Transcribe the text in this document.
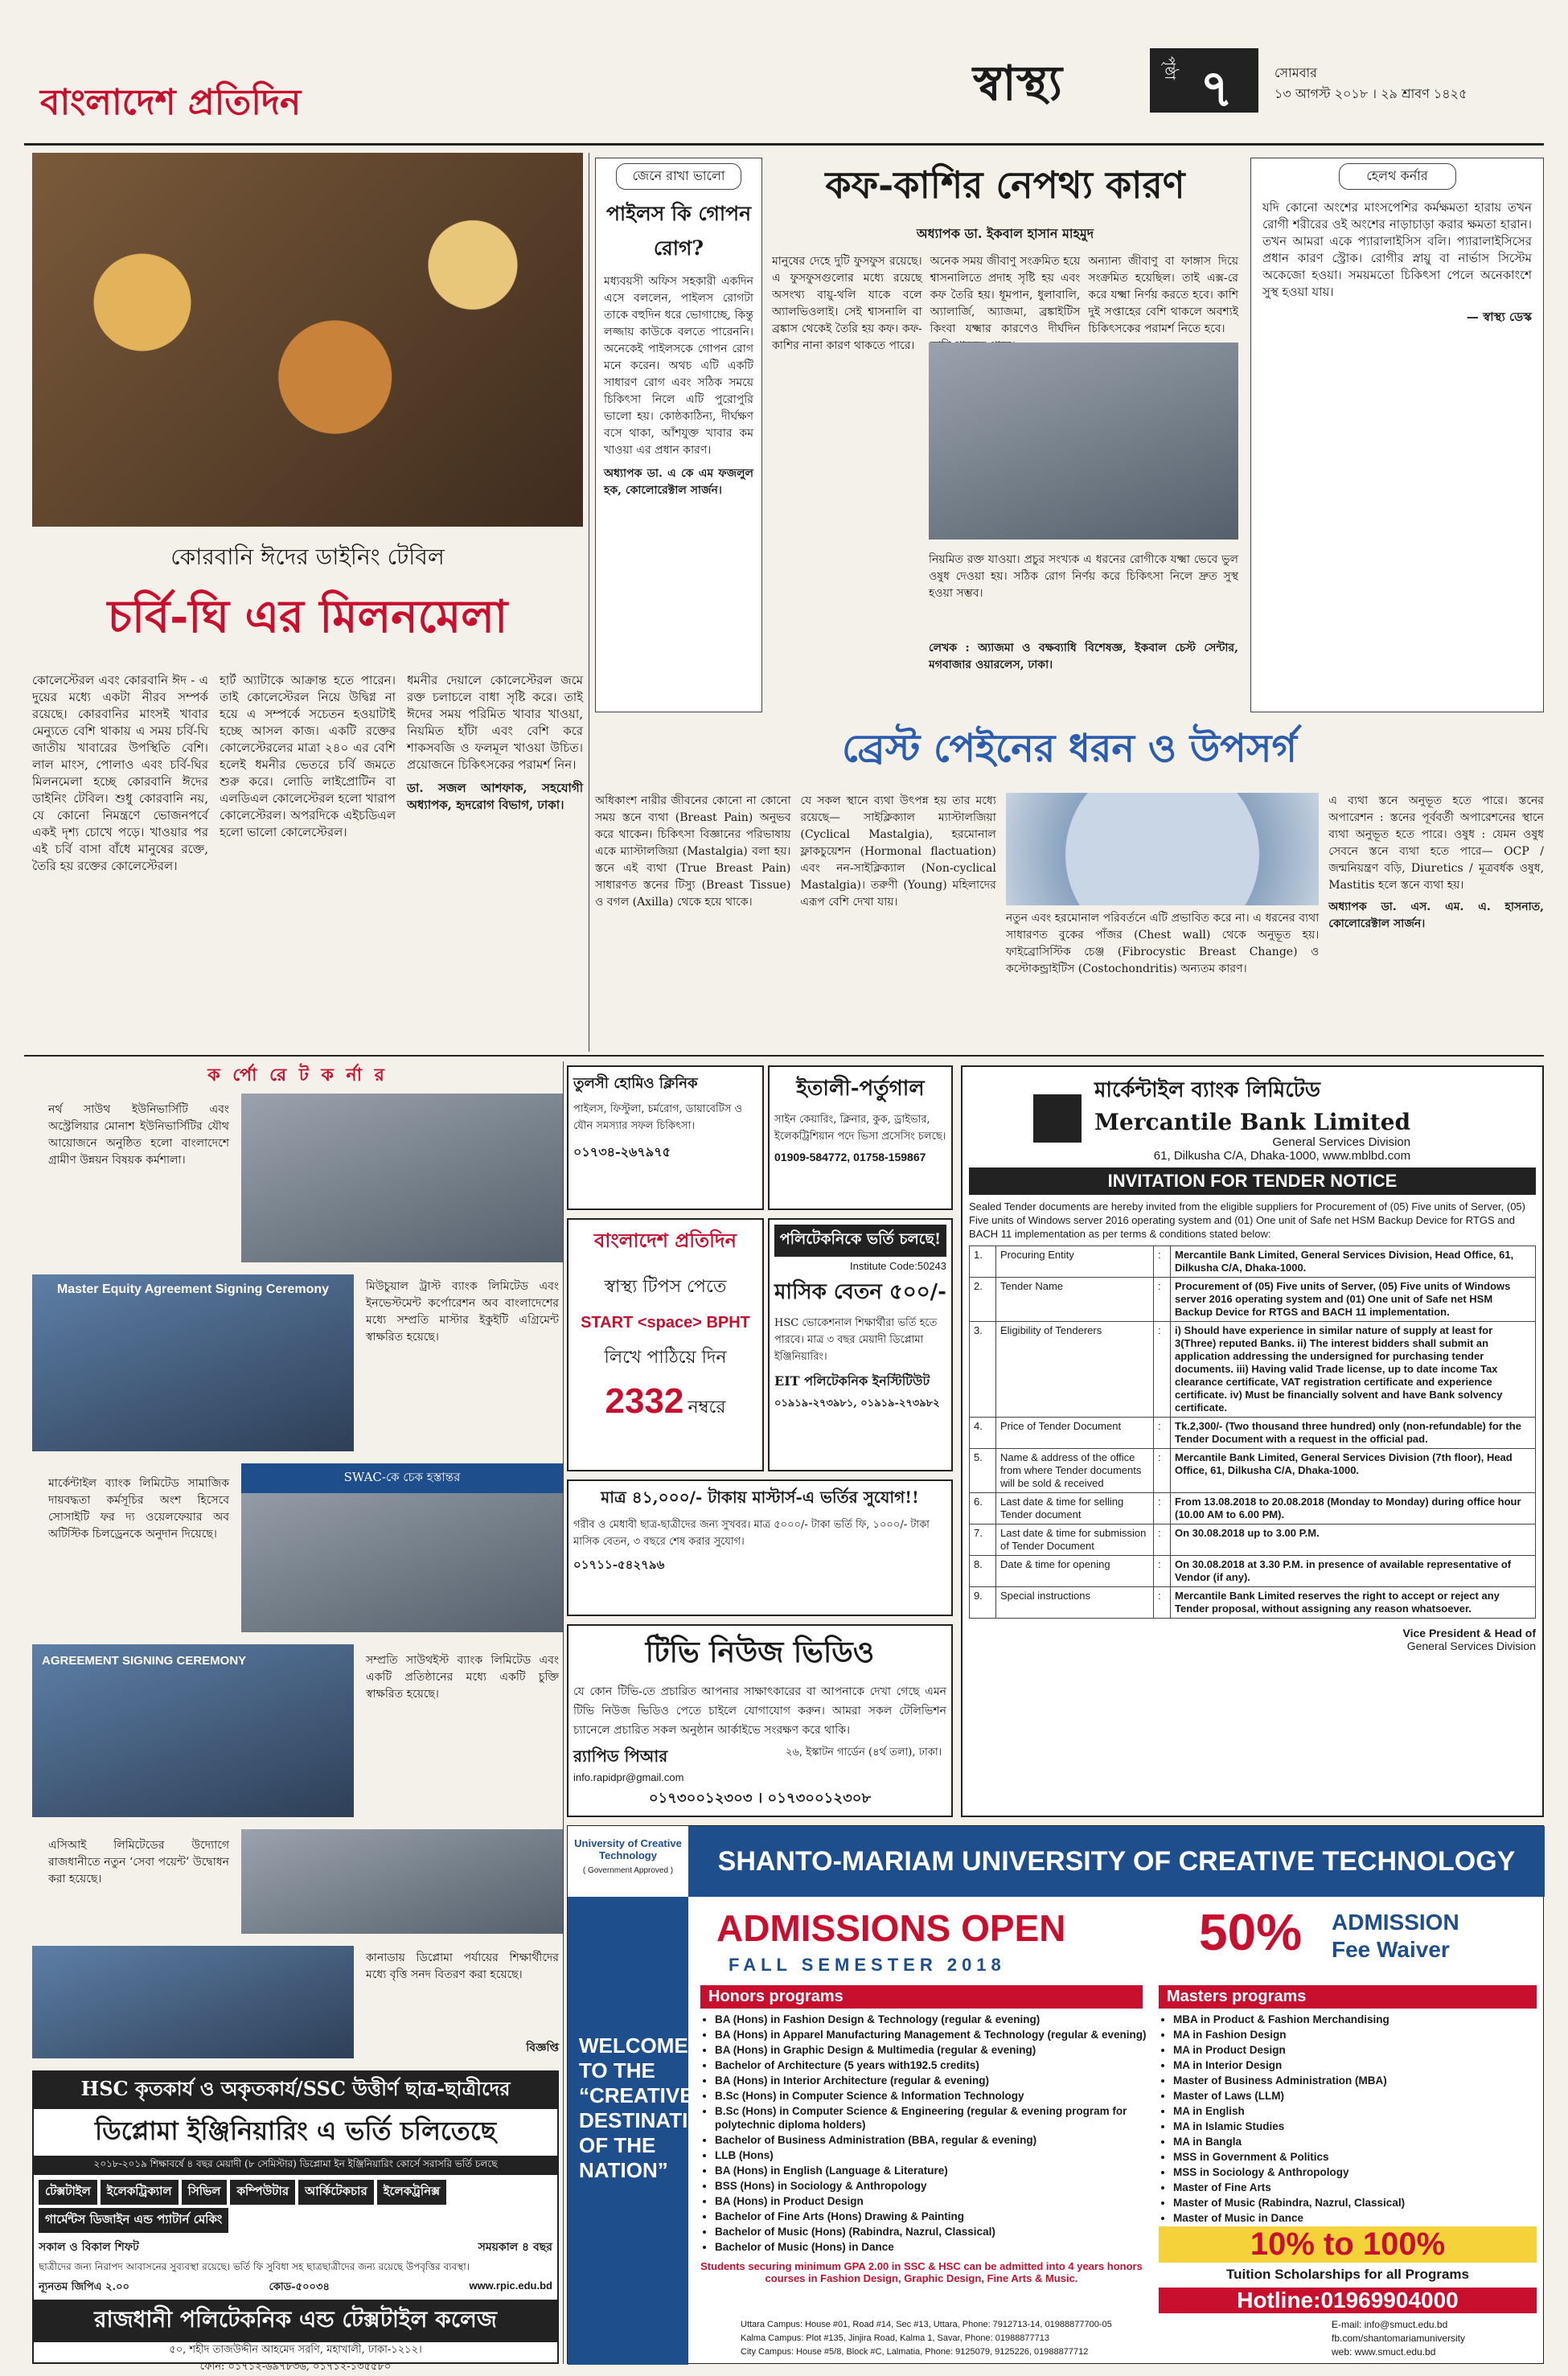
বাংলাদেশ প্রতিদিন	স্বাস্থ্য	পৃষ্ঠা ৭	সোমবার
১৩ আগস্ট ২০১৮ । ২৯ শ্রাবণ ১৪২৫
কোরবানি ঈদের ডাইনিং টেবিল
চর্বি-ঘি এর মিলনমেলা
কোলেস্টেরল এবং কোরবানি ঈদ - এ দুয়ের মধ্যে একটা নীরব সম্পর্ক রয়েছে। কোরবানির মাংসই খাবার মেন্যুতে বেশি থাকায় এ সময় চর্বি-ঘি জাতীয় খাবারের উপস্থিতি বেশি। লাল মাংস, পোলাও এবং চর্বি-ঘির মিলনমেলা হচ্ছে কোরবানি ঈদের ডাইনিং টেবিল। শুধু কোরবানি নয়, যে কোনো নিমন্ত্রণে ভোজনপর্বে একই দৃশ্য চোখে পড়ে। খাওয়ার পর এই চর্বি বাসা বাঁধে মানুষের রক্তে, তৈরি হয় রক্তের কোলেস্টেরল।
হার্ট অ্যাটাকে আক্রান্ত হতে পারেন। তাই কোলেস্টেরল নিয়ে উদ্বিগ্ন না হয়ে এ সম্পর্কে সচেতন হওয়াটাই হচ্ছে আসল কাজ। একটি রক্তের কোলেস্টেরলের মাত্রা ২৪০ এর বেশি হলেই ধমনীর ভেতরে চর্বি জমতে শুরু করে। লোডি লাইপ্রোটিন বা এলডিএল কোলেস্টেরল হলো খারাপ কোলেস্টেরল। অপরদিকে এইচডিএল হলো ভালো কোলেস্টেরল।
ধমনীর দেয়ালে কোলেস্টেরল জমে রক্ত চলাচলে বাধা সৃষ্টি করে। তাই ঈদের সময় পরিমিত খাবার খাওয়া, নিয়মিত হাঁটা এবং বেশি করে শাকসবজি ও ফলমূল খাওয়া উচিত। প্রয়োজনে চিকিৎসকের পরামর্শ নিন।
ডা. সজল আশফাক, সহযোগী অধ্যাপক, হৃদরোগ বিভাগ, ঢাকা।
জেনে রাখা ভালো
পাইলস কি গোপন রোগ?
মধ্যবয়সী অফিস সহকারী একদিন এসে বললেন, পাইলস রোগটা তাকে বহুদিন ধরে ভোগাচ্ছে, কিন্তু লজ্জায় কাউকে বলতে পারেননি। অনেকেই পাইলসকে গোপন রোগ মনে করেন। অথচ এটি একটি সাধারণ রোগ এবং সঠিক সময়ে চিকিৎসা নিলে এটি পুরোপুরি ভালো হয়। কোষ্ঠকাঠিন্য, দীর্ঘক্ষণ বসে থাকা, আঁশযুক্ত খাবার কম খাওয়া এর প্রধান কারণ।
অধ্যাপক ডা. এ কে এম ফজলুল হক, কোলোরেক্টাল সার্জন।
কফ-কাশির নেপথ্য কারণ
অধ্যাপক ডা. ইকবাল হাসান মাহমুদ
মানুষের দেহে দুটি ফুসফুস রয়েছে। এ ফুসফুসগুলোর মধ্যে রয়েছে অসংখ্য বায়ু-থলি যাকে বলে অ্যালভিওলাই। সেই শ্বাসনালি বা ব্রঙ্কাস থেকেই তৈরি হয় কফ। কফ-কাশির নানা কারণ থাকতে পারে।
অনেক সময় জীবাণু সংক্রমিত হয়ে শ্বাসনালিতে প্রদাহ সৃষ্টি হয় এবং কফ তৈরি হয়। ধূমপান, ধুলাবালি, অ্যালার্জি, অ্যাজমা, ব্রঙ্কাইটিস কিংবা যক্ষ্মার কারণেও দীর্ঘদিন
অন্যান্য জীবাণু বা ফাঙ্গাস দিয়ে সংক্রমিত হয়েছিল। তাই এক্স-রে করে যক্ষ্মা নির্ণয় করতে হবে। কাশি দুই সপ্তাহের বেশি থাকলে অবশ্যই চিকিৎসকের পরামর্শ নিতে হবে।
নিয়মিত রক্ত যাওয়া। প্রচুর সংখ্যক এ ধরনের রোগীকে যক্ষ্মা ভেবে ভুল ওষুধ দেওয়া হয়। সঠিক রোগ নির্ণয় করে চিকিৎসা নিলে দ্রুত সুস্থ হওয়া সম্ভব।
লেখক : অ্যাজমা ও বক্ষব্যাধি বিশেষজ্ঞ, ইকবাল চেস্ট সেন্টার, মগবাজার ওয়ারলেস, ঢাকা।
হেলথ কর্নার
যদি কোনো অংশের মাংসপেশির কর্মক্ষমতা হারায় তখন রোগী শরীরের ওই অংশের নাড়াচাড়া করার ক্ষমতা হারান। তখন আমরা একে প্যারালাইসিস বলি। প্যারালাইসিসের প্রধান কারণ স্ট্রোক। রোগীর স্নায়ু বা নার্ভাস সিস্টেম অকেজো হওয়া। সময়মতো চিকিৎসা পেলে অনেকাংশে সুস্থ হওয়া যায়।
— স্বাস্থ্য ডেস্ক
ব্রেস্ট পেইনের ধরন ও উপসর্গ
অধিকাংশ নারীর জীবনের কোনো না কোনো সময় স্তনে ব্যথা (Breast Pain) অনুভব করে থাকেন। চিকিৎসা বিজ্ঞানের পরিভাষায় একে ম্যাস্টালজিয়া (Mastalgia) বলা হয়। স্তনে এই ব্যথা (True Breast Pain) সাধারণত স্তনের টিস্যু (Breast Tissue) ও বগল (Axilla) থেকে হয়ে থাকে।
যে সকল স্থানে ব্যথা উৎপন্ন হয় তার মধ্যে রয়েছে— সাইক্লিক্যাল ম্যাস্টালজিয়া (Cyclical Mastalgia), হরমোনাল ফ্লাকচুয়েশন (Hormonal flactuation) এবং নন-সাইক্লিক্যাল (Non-cyclical Mastalgia)। তরুণী (Young) মহিলাদের এরূপ বেশি দেখা যায়।
নতুন এবং হরমোনাল পরিবর্তনে এটি প্রভাবিত করে না। এ ধরনের ব্যথা সাধারণত বুকের পাঁজর (Chest wall) থেকে অনুভূত হয়। ফাইব্রোসিস্টিক চেঞ্জ (Fibrocystic Breast Change) ও কস্টোকন্ড্রাইটিস (Costochondritis) অন্যতম কারণ।
এ ব্যথা স্তনে অনুভূত হতে পারে। স্তনের অপারেশন : স্তনের পূর্ববর্তী অপারেশনের স্থানে ব্যথা অনুভূত হতে পারে। ওষুধ : যেমন ওষুধ সেবনে স্তনে ব্যথা হতে পারে— OCP / জন্মনিয়ন্ত্রণ বড়ি, Diuretics / মূত্রবর্ধক ওষুধ, Mastitis হলে স্তনে ব্যথা হয়।
অধ্যাপক ডা. এস. এম. এ. হাসনাত, কোলোরেক্টাল সার্জন।
ক র্পো রে ট ক র্না র
নর্থ সাউথ ইউনিভার্সিটি এবং অস্ট্রেলিয়ার মোনাশ ইউনিভার্সিটির যৌথ আয়োজনে অনুষ্ঠিত হলো বাংলাদেশে গ্রামীণ উন্নয়ন বিষয়ক কর্মশালা।
Master Equity Agreement Signing Ceremony	মিউচুয়াল ট্রাস্ট ব্যাংক লিমিটেড এবং ইনভেস্টমেন্ট কর্পোরেশন অব বাংলাদেশের মধ্যে সম্প্রতি মাস্টার ইকুইটি এগ্রিমেন্ট স্বাক্ষরিত হয়েছে।
SWAC-কে চেক হস্তান্তর
মার্কেন্টাইল ব্যাংক লিমিটেড সামাজিক দায়বদ্ধতা কর্মসূচির অংশ হিসেবে সোসাইটি ফর দ্য ওয়েলফেয়ার অব অটিস্টিক চিলড্রেনকে অনুদান দিয়েছে।
AGREEMENT SIGNING CEREMONY	সম্প্রতি সাউথইস্ট ব্যাংক লিমিটেড এবং একটি প্রতিষ্ঠানের মধ্যে একটি চুক্তি স্বাক্ষরিত হয়েছে।
এসিআই লিমিটেডের উদ্যোগে রাজধানীতে নতুন ‘সেবা পয়েন্ট’ উদ্বোধন করা হয়েছে।
কানাডায় ডিপ্লোমা পর্যায়ের শিক্ষার্থীদের মধ্যে বৃত্তি সনদ বিতরণ করা হয়েছে।
বিজ্ঞপ্তি
তুলসী হোমিও ক্লিনিক
পাইলস, ফিস্টুলা, চর্মরোগ, ডায়াবেটিস ও যৌন সমস্যার সফল চিকিৎসা।
০১৭৩৪-২৬৭৯৭৫
ইতালী-পর্তুগাল
সাইন কেয়ারিং, ক্লিনার, কুক, ড্রাইভার, ইলেকট্রিশিয়ান পদে ভিসা প্রসেসিং চলছে।
01909-584772, 01758-159867
বাংলাদেশ প্রতিদিন
স্বাস্থ্য টিপস পেতে
START <space> BPHT
লিখে পাঠিয়ে দিন
2332 নম্বরে
পলিটেকনিকে ভর্তি চলছে!
Institute Code:50243
মাসিক বেতন ৫০০/-
HSC ভোকেশনাল শিক্ষার্থীরা ভর্তি হতে পারবে। মাত্র ৩ বছর মেয়াদী ডিপ্লোমা ইঞ্জিনিয়ারিং।
EIT পলিটেকনিক ইনস্টিটিউট
০১৯১৯-২৭৩৯৮১, ০১৯১৯-২৭৩৯৮২
মাত্র ৪১,০০০/- টাকায় মাস্টার্স-এ ভর্তির সুযোগ!!
গরীব ও মেধাবী ছাত্র-ছাত্রীদের জন্য সুখবর। মাত্র ৫০০০/- টাকা ভর্তি ফি, ১০০০/- টাকা মাসিক বেতন, ৩ বছরে শেষ করার সুযোগ।
০১৭১১-৫৪২৭৯৬
টিভি নিউজ ভিডিও
যে কোন টিভি-তে প্রচারিত আপনার সাক্ষাৎকারের বা আপনাকে দেখা গেছে এমন টিভি নিউজ ভিডিও পেতে চাইলে যোগাযোগ করুন। আমরা সকল টেলিভিশন চ্যানেলে প্রচারিত সকল অনুষ্ঠান আর্কাইভে সংরক্ষণ করে থাকি।
র‍্যাপিড পিআর
info.rapidpr@gmail.com
২৬, ইস্কাটন গার্ডেন (৪র্থ তলা), ঢাকা।
০১৭৩০০১২৩০৩ । ০১৭৩০০১২৩০৮
মার্কেন্টাইল ব্যাংক লিমিটেড
Mercantile Bank Limited
General Services Division
61, Dilkusha C/A, Dhaka-1000, www.mblbd.com
INVITATION FOR TENDER NOTICE
Sealed Tender documents are hereby invited from the eligible suppliers for Procurement of (05) Five units of Server, (05) Five units of Windows server 2016 operating system and (01) One unit of Safe net HSM Backup Device for RTGS and BACH 11 implementation as per terms & conditions stated below:
1.	Procuring Entity	:	Mercantile Bank Limited, General Services Division, Head Office, 61, Dilkusha C/A, Dhaka-1000.
2.	Tender Name	:	Procurement of (05) Five units of Server, (05) Five units of Windows server 2016 operating system and (01) One unit of Safe net HSM Backup Device for RTGS and BACH 11 implementation.
3.	Eligibility of Tenderers	:	i) Should have experience in similar nature of supply at least for 3(Three) reputed Banks. ii) The interest bidders shall submit an application addressing the undersigned for purchasing tender documents. iii) Having valid Trade license, up to date income Tax clearance certificate, VAT registration certificate and experience certificate. iv) Must be financially solvent and have Bank solvency certificate.
4.	Price of Tender Document	:	Tk.2,300/- (Two thousand three hundred) only (non-refundable) for the Tender Document with a request in the official pad.
5.	Name & address of the office from where Tender documents will be sold & received	:	Mercantile Bank Limited, General Services Division (7th floor), Head Office, 61, Dilkusha C/A, Dhaka-1000.
6.	Last date & time for selling Tender document	:	From 13.08.2018 to 20.08.2018 (Monday to Monday) during office hour (10.00 AM to 6.00 PM).
7.	Last date & time for submission of Tender Document	:	On 30.08.2018 up to 3.00 P.M.
8.	Date & time for opening	:	On 30.08.2018 at 3.30 P.M. in presence of available representative of Vendor (if any).
9.	Special instructions	:	Mercantile Bank Limited reserves the right to accept or reject any Tender proposal, without assigning any reason whatsoever.
Vice President & Head of
General Services Division
University of Creative Technology
( Government Approved )	SHANTO-MARIAM UNIVERSITY OF CREATIVE TECHNOLOGY
WELCOME TO THE “CREATIVE DESTINATION OF THE NATION”
ADMISSIONS OPEN
FALL SEMESTER 2018
50% ADMISSION
Fee Waiver
Honors programs
• BA (Hons) in Fashion Design & Technology (regular & evening)
• BA (Hons) in Apparel Manufacturing Management & Technology (regular & evening)
• BA (Hons) in Graphic Design & Multimedia (regular & evening)
• Bachelor of Architecture (5 years with192.5 credits)
• BA (Hons) in Interior Architecture (regular & evening)
• B.Sc (Hons) in Computer Science & Information Technology
• B.Sc (Hons) in Computer Science & Engineering (regular & evening program for polytechnic diploma holders)
• Bachelor of Business Administration (BBA, regular & evening)
• LLB (Hons)
• BA (Hons) in English (Language & Literature)
• BSS (Hons) in Sociology & Anthropology
• BA (Hons) in Product Design
• Bachelor of Fine Arts (Hons) Drawing & Painting
• Bachelor of Music (Hons) (Rabindra, Nazrul, Classical)
• Bachelor of Music (Hons) in Dance
Masters programs
• MBA in Product & Fashion Merchandising
• MA in Fashion Design
• MA in Product Design
• MA in Interior Design
• Master of Business Administration (MBA)
• Master of Laws (LLM)
• MA in English
• MA in Islamic Studies
• MA in Bangla
• MSS in Government & Politics
• MSS in Sociology & Anthropology
• Master of Fine Arts
• Master of Music (Rabindra, Nazrul, Classical)
• Master of Music in Dance
10% to 100%
Tuition Scholarships for all Programs
Students securing minimum GPA 2.00 in SSC & HSC can be admitted into 4 years honors courses in Fashion Design, Graphic Design, Fine Arts & Music.
Hotline:01969904000
Uttara Campus: House #01, Road #14, Sec #13, Uttara, Phone: 7912713-14, 01988877700-05
Kalma Campus: Plot #135, Jinjira Road, Kalma 1, Savar, Phone: 01988877713
City Campus: House #5/8, Block #C, Lalmatia, Phone: 9125079, 9125226, 01988877712
E-mail: info@smuct.edu.bd
fb.com/shantomariamuniversity
web: www.smuct.edu.bd
HSC কৃতকার্য ও অকৃতকার্য/SSC উত্তীর্ণ ছাত্র-ছাত্রীদের
ডিপ্লোমা ইঞ্জিনিয়ারিং এ ভর্তি চলিতেছে
২০১৮-২০১৯ শিক্ষাবর্ষে ৪ বছর মেয়াদী (৮ সেমিস্টার) ডিপ্লোমা ইন ইঞ্জিনিয়ারিং কোর্সে সরাসরি ভর্তি চলছে
টেক্সটাইল	ইলেকট্রিক্যাল	সিভিল	কম্পিউটার	আর্কিটেকচার	ইলেকট্রনিক্স
গার্মেন্টস ডিজাইন এন্ড প্যাটার্ন মেকিং
সকাল ও বিকাল শিফট	সময়কাল ৪ বছর
ছাত্রীদের জন্য নিরাপদ আবাসনের সুব্যবস্থা রয়েছে। ভর্তি ফি সুবিধা সহ ছাত্রছাত্রীদের জন্য রয়েছে উপবৃত্তির ব্যবস্থা।
ন্যূনতম জিপিএ ২.০০	কোড-৫০০৩৪	www.rpic.edu.bd
রাজধানী পলিটেকনিক এন্ড টেক্সটাইল কলেজ
৫০, শহীদ তাজউদ্দীন আহমেদ সরণি, মহাখালী, ঢাকা-১২১২।
ফোন: ০১৭১২-৬৯৭৮৩৬, ০১৭১২-১৩৫৫৮০
